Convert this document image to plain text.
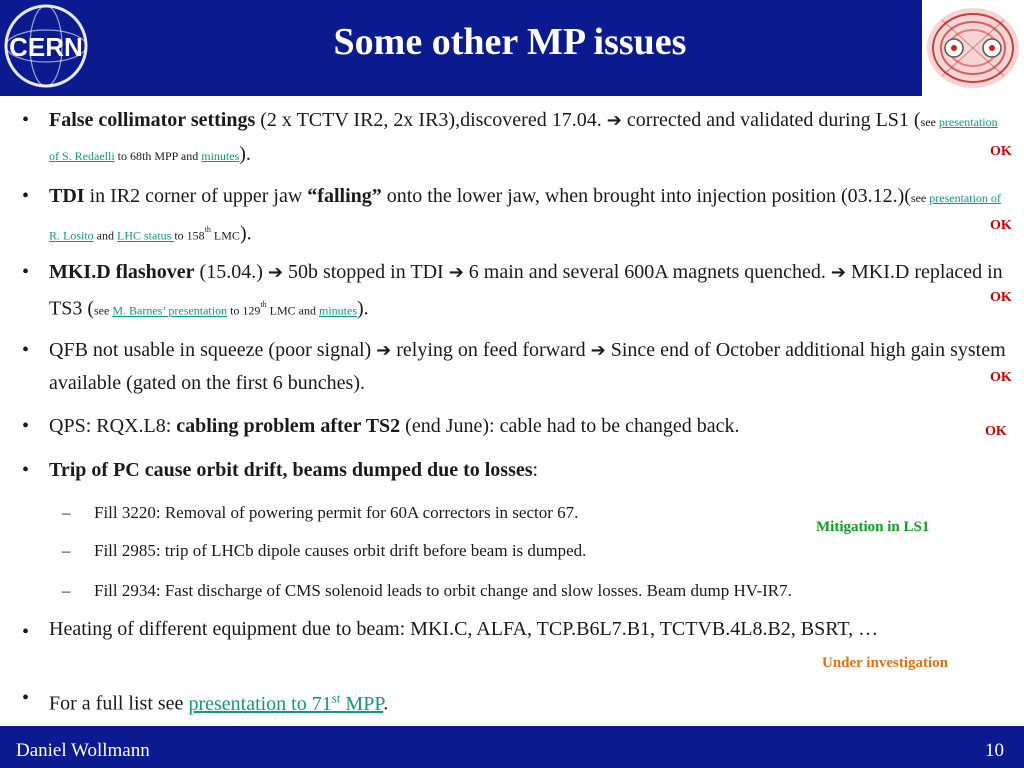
CERN	Some other MP issues
• False collimator settings (2 x TCTV IR2, 2x IR3),discovered 17.04. ➔ corrected and validated during LS1 (see presentation of S. Redaelli to 68th MPP and minutes).
• TDI in IR2 corner of upper jaw “falling” onto the lower jaw, when brought into injection position (03.12.)(see presentation of R. Losito and LHC status to 158th LMC).
• MKI.D flashover (15.04.) ➔ 50b stopped in TDI ➔ 6 main and several 600A magnets quenched. ➔ MKI.D replaced in TS3 (see M. Barnes’ presentation to 129th LMC and minutes).
• QFB not usable in squeeze (poor signal) ➔ relying on feed forward ➔ Since end of October additional high gain system available (gated on the first 6 bunches).
• QPS: RQX.L8: cabling problem after TS2 (end June): cable had to be changed back.
• Trip of PC cause orbit drift, beams dumped due to losses:
– Fill 3220: Removal of powering permit for 60A correctors in sector 67.
– Fill 2985: trip of LHCb dipole causes orbit drift before beam is dumped.
– Fill 2934: Fast discharge of CMS solenoid leads to orbit change and slow losses. Beam dump HV-IR7.
• Heating of different equipment due to beam: MKI.C, ALFA, TCP.B6L7.B1, TCTVB.4L8.B2, BSRT, …
• For a full list see presentation to 71st MPP.
OK
OK
OK
OK
OK
Mitigation in LS1
Under investigation
Daniel Wollmann	10
